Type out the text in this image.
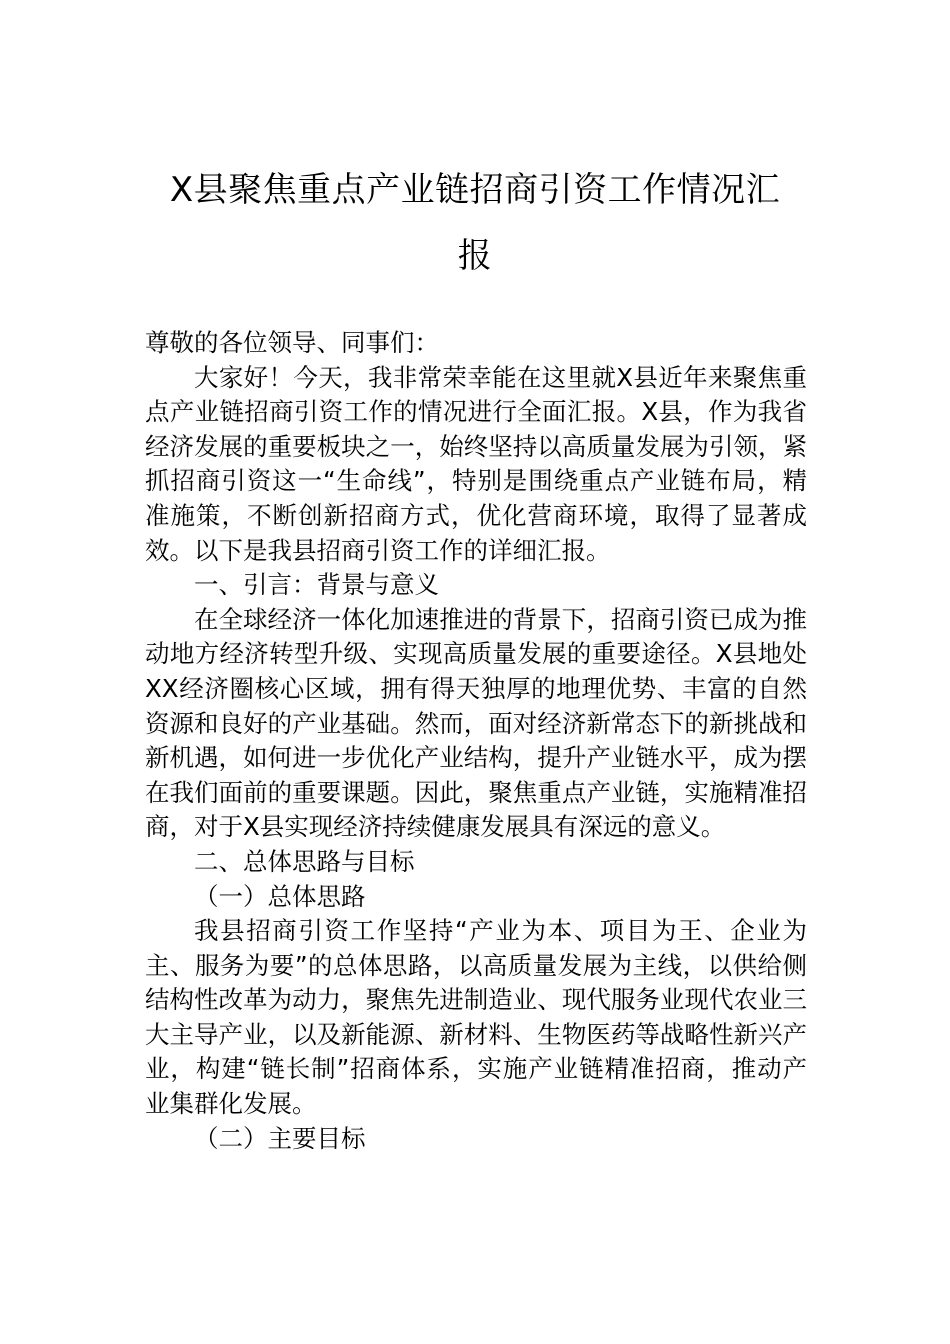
X县聚焦重点产业链招商引资工作情况汇
报

尊敬的各位领导、同事们：

大家好！今天，我非常荣幸能在这里就X县近年来聚焦重点产业链招商引资工作的情况进行全面汇报。X县，作为我省经济发展的重要板块之一，始终坚持以高质量发展为引领，紧抓招商引资这一“生命线”，特别是围绕重点产业链布局，精准施策，不断创新招商方式，优化营商环境，取得了显著成效。以下是我县招商引资工作的详细汇报。

一、引言：背景与意义

在全球经济一体化加速推进的背景下，招商引资已成为推动地方经济转型升级、实现高质量发展的重要途径。X县地处XX经济圈核心区域，拥有得天独厚的地理优势、丰富的自然资源和良好的产业基础。然而，面对经济新常态下的新挑战和新机遇，如何进一步优化产业结构，提升产业链水平，成为摆在我们面前的重要课题。因此，聚焦重点产业链，实施精准招商，对于X县实现经济持续健康发展具有深远的意义。

二、总体思路与目标

（一）总体思路

我县招商引资工作坚持“产业为本、项目为王、企业为主、服务为要”的总体思路，以高质量发展为主线，以供给侧结构性改革为动力，聚焦先进制造业、现代服务业现代农业三大主导产业，以及新能源、新材料、生物医药等战略性新兴产业，构建“链长制”招商体系，实施产业链精准招商，推动产业集群化发展。

（二）主要目标
